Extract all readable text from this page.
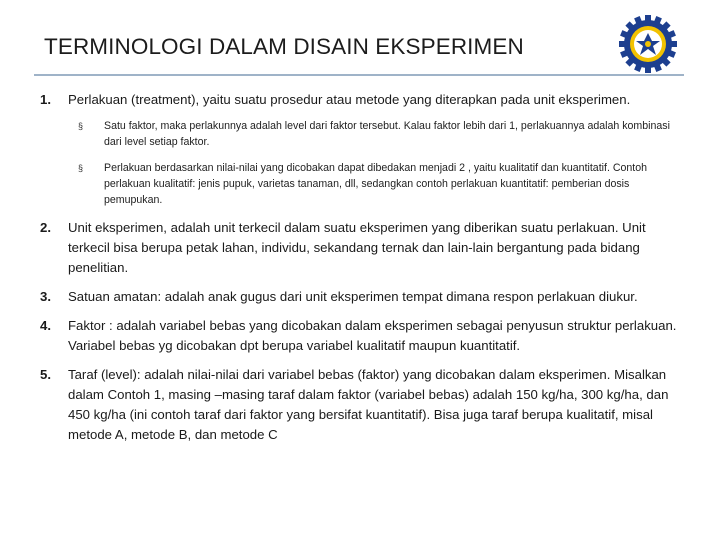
TERMINOLOGI DALAM DISAIN EKSPERIMEN
1. Perlakuan (treatment), yaitu suatu prosedur atau metode yang diterapkan pada unit eksperimen.
§ Satu faktor, maka perlakunnya adalah level dari faktor tersebut. Kalau faktor lebih dari 1, perlakuannya adalah kombinasi dari level setiap faktor.
§ Perlakuan berdasarkan nilai-nilai yang dicobakan dapat dibedakan menjadi 2 , yaitu kualitatif dan kuantitatif. Contoh perlakuan kualitatif: jenis pupuk, varietas tanaman, dll, sedangkan contoh perlakuan kuantitatif: pemberian dosis pemupukan.
2. Unit eksperimen, adalah unit terkecil dalam suatu eksperimen yang diberikan suatu perlakuan. Unit terkecil bisa berupa petak lahan, individu, sekandang ternak dan lain-lain bergantung pada bidang penelitian.
3. Satuan amatan: adalah anak gugus dari unit eksperimen tempat dimana respon perlakuan diukur.
4. Faktor : adalah variabel bebas yang dicobakan dalam eksperimen sebagai penyusun struktur perlakuan. Variabel bebas yg dicobakan dpt berupa variabel kualitatif maupun kuantitatif.
5. Taraf (level): adalah nilai-nilai dari variabel bebas (faktor) yang dicobakan dalam eksperimen. Misalkan dalam Contoh 1, masing –masing taraf dalam faktor (variabel bebas) adalah 150 kg/ha, 300 kg/ha, dan 450 kg/ha (ini contoh taraf dari faktor yang bersifat kuantitatif). Bisa juga taraf berupa kualitatif, misal metode A, metode B, dan metode C
